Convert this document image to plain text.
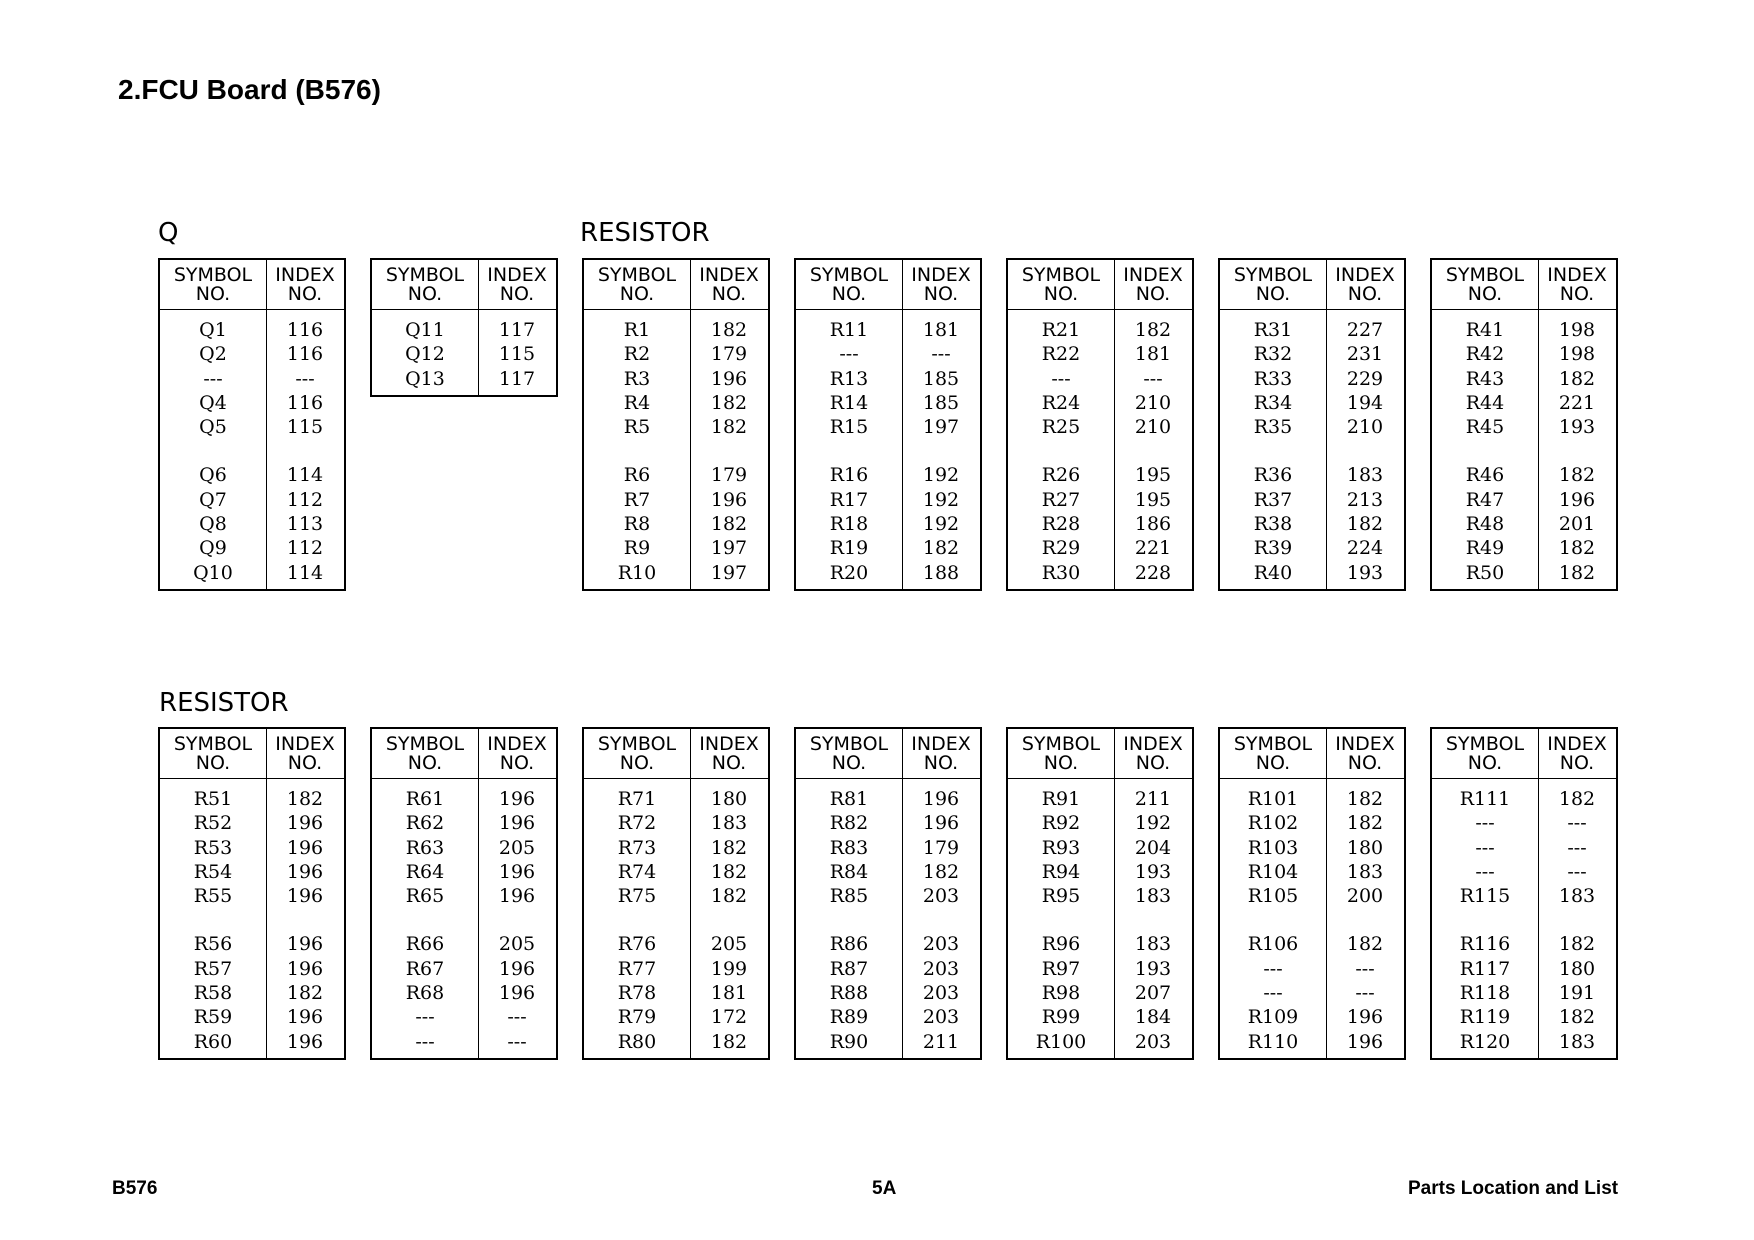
2.FCU Board (B576)
Q	RESISTOR
RESISTOR
SYMBOL
NO.
INDEX
NO.
Q1	116
Q2	116
---	---
Q4	116
Q5	115
Q6	114
Q7	112
Q8	113
Q9	112
Q10	114
SYMBOL
NO.
INDEX
NO.
Q11	117
Q12	115
Q13	117
SYMBOL
NO.
INDEX
NO.
R1	182
R2	179
R3	196
R4	182
R5	182
R6	179
R7	196
R8	182
R9	197
R10	197
SYMBOL
NO.
INDEX
NO.
R11	181
---	---
R13	185
R14	185
R15	197
R16	192
R17	192
R18	192
R19	182
R20	188
SYMBOL
NO.
INDEX
NO.
R21	182
R22	181
---	---
R24	210
R25	210
R26	195
R27	195
R28	186
R29	221
R30	228
SYMBOL
NO.
INDEX
NO.
R31	227
R32	231
R33	229
R34	194
R35	210
R36	183
R37	213
R38	182
R39	224
R40	193
SYMBOL
NO.
INDEX
NO.
R41	198
R42	198
R43	182
R44	221
R45	193
R46	182
R47	196
R48	201
R49	182
R50	182
SYMBOL
NO.
INDEX
NO.
R51	182
R52	196
R53	196
R54	196
R55	196
R56	196
R57	196
R58	182
R59	196
R60	196
SYMBOL
NO.
INDEX
NO.
R61	196
R62	196
R63	205
R64	196
R65	196
R66	205
R67	196
R68	196
---	---
---	---
SYMBOL
NO.
INDEX
NO.
R71	180
R72	183
R73	182
R74	182
R75	182
R76	205
R77	199
R78	181
R79	172
R80	182
SYMBOL
NO.
INDEX
NO.
R81	196
R82	196
R83	179
R84	182
R85	203
R86	203
R87	203
R88	203
R89	203
R90	211
SYMBOL
NO.
INDEX
NO.
R91	211
R92	192
R93	204
R94	193
R95	183
R96	183
R97	193
R98	207
R99	184
R100	203
SYMBOL
NO.
INDEX
NO.
R101	182
R102	182
R103	180
R104	183
R105	200
R106	182
---	---
---	---
R109	196
R110	196
SYMBOL
NO.
INDEX
NO.
R111	182
---	---
---	---
---	---
R115	183
R116	182
R117	180
R118	191
R119	182
R120	183
B576	5A	Parts Location and List
